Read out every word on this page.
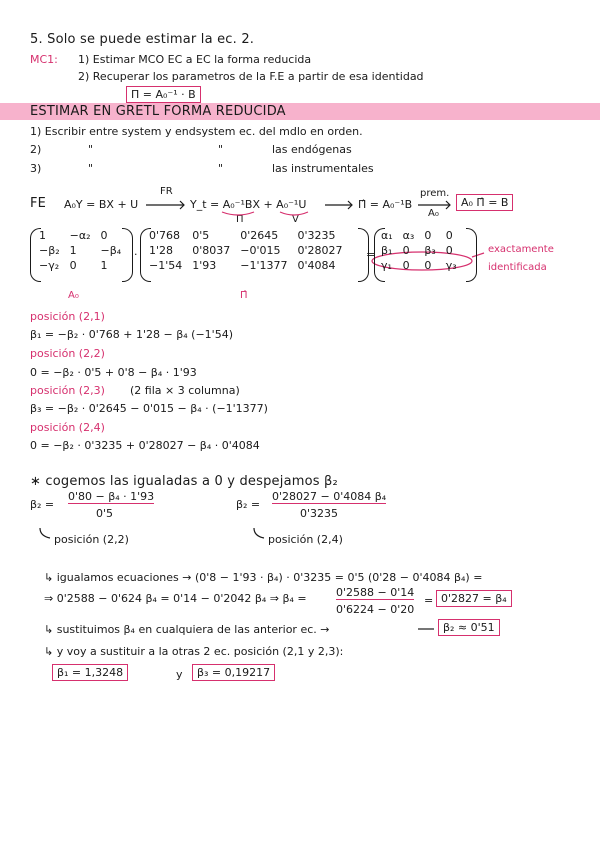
5. Solo se puede estimar la ec. 2.
MC1: 1) Estimar MCO EC a EC la forma reducida
2) Recuperar los parametros de la F.E a partir de esa identidad
Π = A₀⁻¹ · B
ESTIMAR EN GRETL FORMA REDUCIDA
1) Escribir entre system y endsystem ec. del mdlo en orden.
2)	"	"	las endógenas
3)	"	"	las instrumentales
FE A₀Y = BX + U
FR
Y_t = A₀⁻¹BX + A₀⁻¹U
Π	V
Π̂ = A₀⁻¹B
prem.
A₀
A₀ Π̂ = B
1	−α₂	0
−β₂	1	−β₄
−γ₂	0	1
A₀
·
0'768	0'5	0'2645	0'3235
1'28	0'8037	−0'015	0'28027
−1'54	1'93	−1'1377	0'4084
Π̂
=
α₁	α₃	0	0
β₁	0	β₃	0
γ₁	0	0	γ₃
exactamente
identificada
posición (2,1)
β₁ = −β₂ · 0'768 + 1'28 − β₄ (−1'54)
posición (2,2)
0 = −β₂ · 0'5 + 0'8 − β₄ · 1'93
posición (2,3) (2 fila × 3 columna)
β₃ = −β₂ · 0'2645 − 0'015 − β₄ · (−1'1377)
posición (2,4)
0 = −β₂ · 0'3235 + 0'28027 − β₄ · 0'4084
∗ cogemos las igualadas a 0 y despejamos β₂
β₂ =
0'80 − β₄ · 1'93
0'5
posición (2,2)
β₂ =
0'28027 − 0'4084 β₄
0'3235
posición (2,4)
↳ igualamos ecuaciones → (0'8 − 1'93 · β₄) · 0'3235 = 0'5 (0'28 − 0'4084 β₄) =
⇒ 0'2588 − 0'624 β₄ = 0'14 − 0'2042 β₄ ⇒ β₄ =	0'2588 − 0'14
0'6224 − 0'20
= 0'2827 = β₄
↳ sustituimos β₄ en cualquiera de las anterior ec. →	β₂ ≈ 0'51
↳ y voy a sustituir a la otras 2 ec. posición (2,1 y 2,3):
β₁ = 1,3248	y	β₃ = 0,19217
